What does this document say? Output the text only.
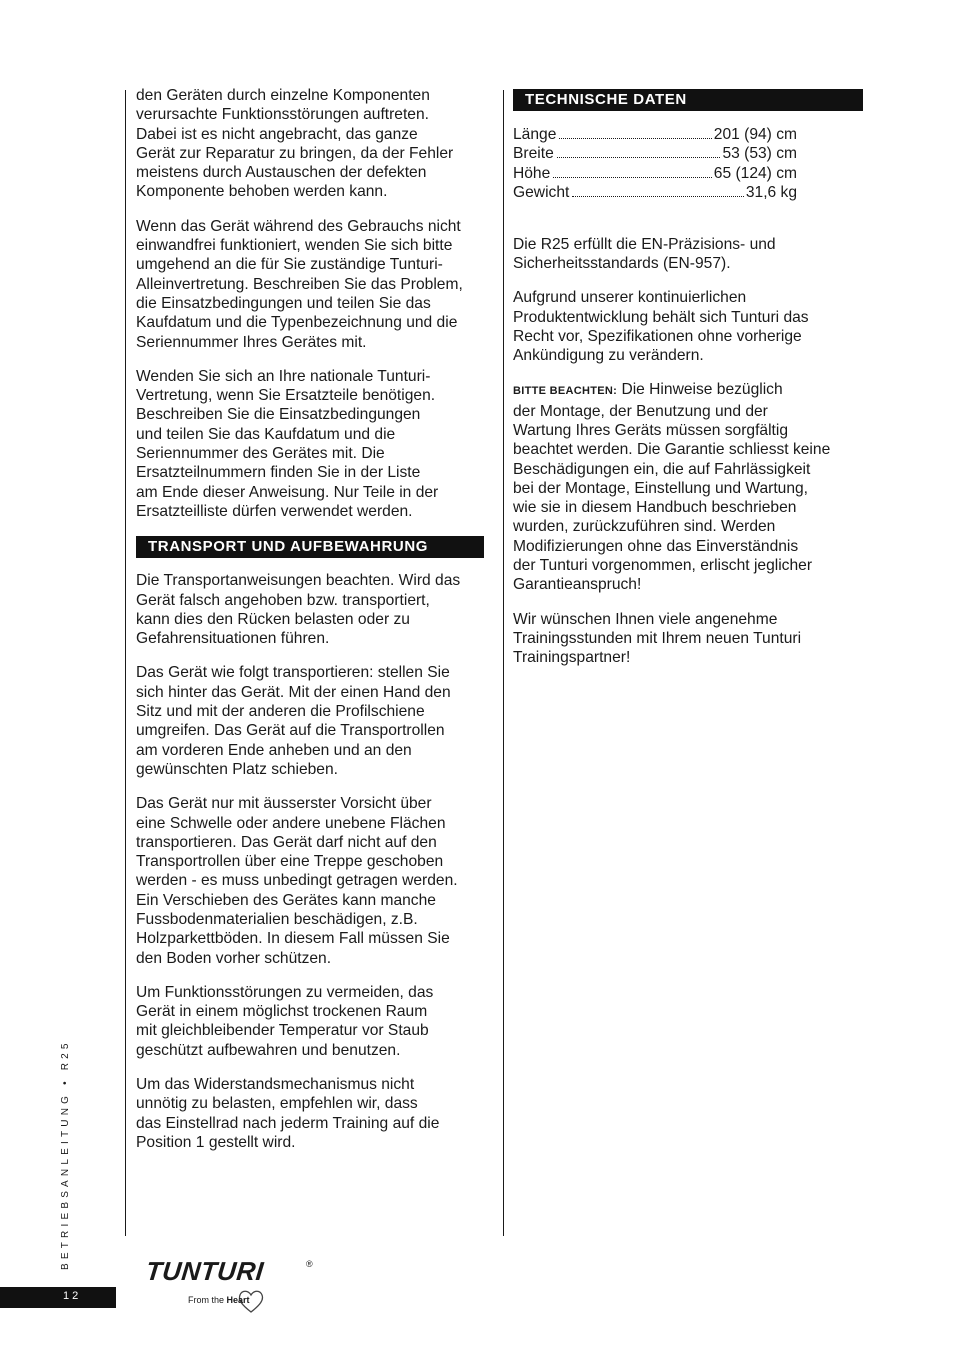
den Geräten durch einzelne Komponenten
verursachte Funktionsstörungen auftreten.
Dabei ist es nicht angebracht, das ganze
Gerät zur Reparatur zu bringen, da der Fehler
meistens durch Austauschen der defekten
Komponente behoben werden kann.

Wenn das Gerät während des Gebrauchs nicht
einwandfrei funktioniert, wenden Sie sich bitte
umgehend an die für Sie zuständige Tunturi-
Alleinvertretung. Beschreiben Sie das Problem,
die Einsatzbedingungen und teilen Sie das
Kaufdatum und die Typenbezeichnung und die
Seriennummer Ihres Gerätes mit.

Wenden Sie sich an Ihre nationale Tunturi-
Vertretung, wenn Sie Ersatzteile benötigen.
Beschreiben Sie die Einsatzbedingungen
und teilen Sie das Kaufdatum und die
Seriennummer des Gerätes mit. Die
Ersatzteilnummern finden Sie in der Liste
am Ende dieser Anweisung. Nur Teile in der
Ersatzteilliste dürfen verwendet werden.

TRANSPORT UND AUFBEWAHRUNG

Die Transportanweisungen beachten. Wird das
Gerät falsch angehoben bzw. transportiert,
kann dies den Rücken belasten oder zu
Gefahrensituationen führen.

Das Gerät wie folgt transportieren: stellen Sie
sich hinter das Gerät. Mit der einen Hand den
Sitz und mit der anderen die Profilschiene
umgreifen. Das Gerät auf die Transportrollen
am vorderen Ende anheben und an den
gewünschten Platz schieben.

Das Gerät nur mit äusserster Vorsicht über
eine Schwelle oder andere unebene Flächen
transportieren. Das Gerät darf nicht auf den
Transportrollen über eine Treppe geschoben
werden - es muss unbedingt getragen werden.
Ein Verschieben des Gerätes kann manche
Fussbodenmaterialien beschädigen, z.B.
Holzparkettböden. In diesem Fall müssen Sie
den Boden vorher schützen.

Um Funktionsstörungen zu vermeiden, das
Gerät in einem möglichst trockenen Raum
mit gleichbleibender Temperatur vor Staub
geschützt aufbewahren und benutzen.

Um das Widerstandsmechanismus nicht
unnötig zu belasten, empfehlen wir, dass
das Einstellrad nach jederm Training auf die
Position 1 gestellt wird.

TECHNISCHE DATEN
Länge	201 (94) cm
Breite	53 (53) cm
Höhe	65 (124) cm
Gewicht	31,6 kg

Die R25 erfüllt die EN-Präzisions- und
Sicherheitsstandards (EN-957).

Aufgrund unserer kontinuierlichen
Produktentwicklung behält sich Tunturi das
Recht vor, Spezifikationen ohne vorherige
Ankündigung zu verändern.

BITTE BEACHTEN: Die Hinweise bezüglich
der Montage, der Benutzung und der
Wartung Ihres Geräts müssen sorgfältig
beachtet werden. Die Garantie schliesst keine
Beschädigungen ein, die auf Fahrlässigkeit
bei der Montage, Einstellung und Wartung,
wie sie in diesem Handbuch beschrieben
wurden, zurückzuführen sind. Werden
Modifizierungen ohne das Einverständnis
der Tunturi vorgenommen, erlischt jeglicher
Garantieanspruch!

Wir wünschen Ihnen viele angenehme
Trainingsstunden mit Ihrem neuen Tunturi
Trainingspartner!

BETRIEBSANLEITUNG • R25
12
TUNTURI	®
From the Heart
